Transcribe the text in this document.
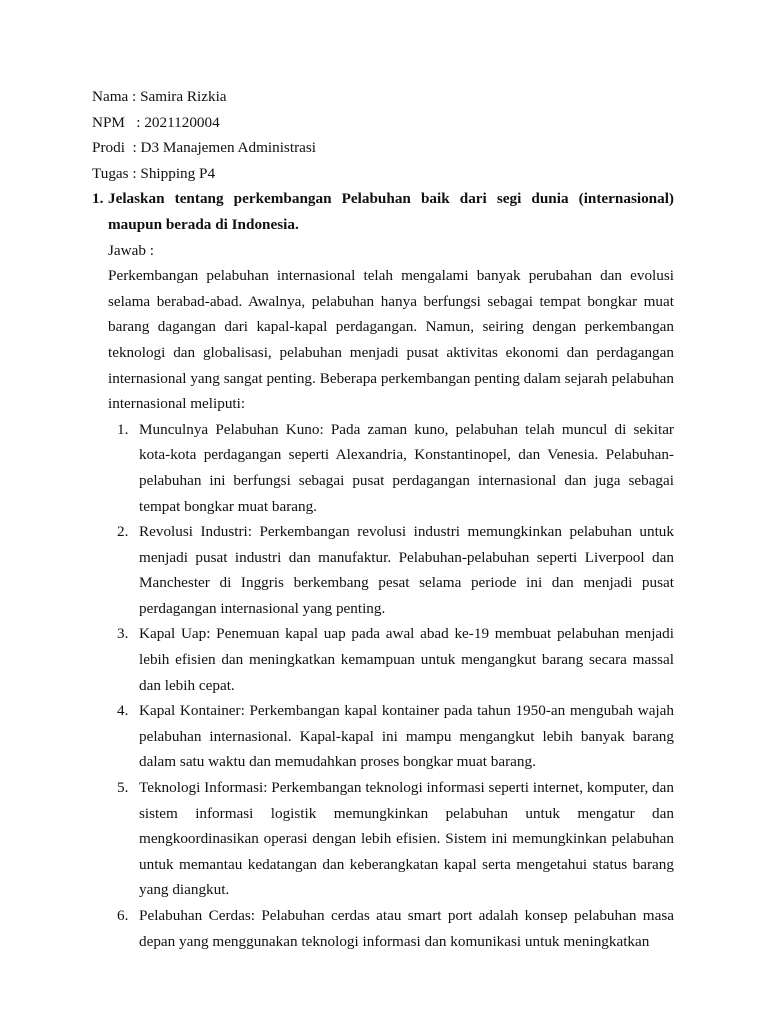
Nama : Samira Rizkia
NPM   : 2021120004
Prodi  : D3 Manajemen Administrasi
Tugas : Shipping P4
1. Jelaskan tentang perkembangan Pelabuhan baik dari segi dunia (internasional) maupun berada di Indonesia.
Jawab :
Perkembangan pelabuhan internasional telah mengalami banyak perubahan dan evolusi selama berabad-abad. Awalnya, pelabuhan hanya berfungsi sebagai tempat bongkar muat barang dagangan dari kapal-kapal perdagangan. Namun, seiring dengan perkembangan teknologi dan globalisasi, pelabuhan menjadi pusat aktivitas ekonomi dan perdagangan internasional yang sangat penting. Beberapa perkembangan penting dalam sejarah pelabuhan internasional meliputi:
1. Munculnya Pelabuhan Kuno: Pada zaman kuno, pelabuhan telah muncul di sekitar kota-kota perdagangan seperti Alexandria, Konstantinopel, dan Venesia. Pelabuhan-pelabuhan ini berfungsi sebagai pusat perdagangan internasional dan juga sebagai tempat bongkar muat barang.
2. Revolusi Industri: Perkembangan revolusi industri memungkinkan pelabuhan untuk menjadi pusat industri dan manufaktur. Pelabuhan-pelabuhan seperti Liverpool dan Manchester di Inggris berkembang pesat selama periode ini dan menjadi pusat perdagangan internasional yang penting.
3. Kapal Uap: Penemuan kapal uap pada awal abad ke-19 membuat pelabuhan menjadi lebih efisien dan meningkatkan kemampuan untuk mengangkut barang secara massal dan lebih cepat.
4. Kapal Kontainer: Perkembangan kapal kontainer pada tahun 1950-an mengubah wajah pelabuhan internasional. Kapal-kapal ini mampu mengangkut lebih banyak barang dalam satu waktu dan memudahkan proses bongkar muat barang.
5. Teknologi Informasi: Perkembangan teknologi informasi seperti internet, komputer, dan sistem informasi logistik memungkinkan pelabuhan untuk mengatur dan mengkoordinasikan operasi dengan lebih efisien. Sistem ini memungkinkan pelabuhan untuk memantau kedatangan dan keberangkatan kapal serta mengetahui status barang yang diangkut.
6. Pelabuhan Cerdas: Pelabuhan cerdas atau smart port adalah konsep pelabuhan masa depan yang menggunakan teknologi informasi dan komunikasi untuk meningkatkan
